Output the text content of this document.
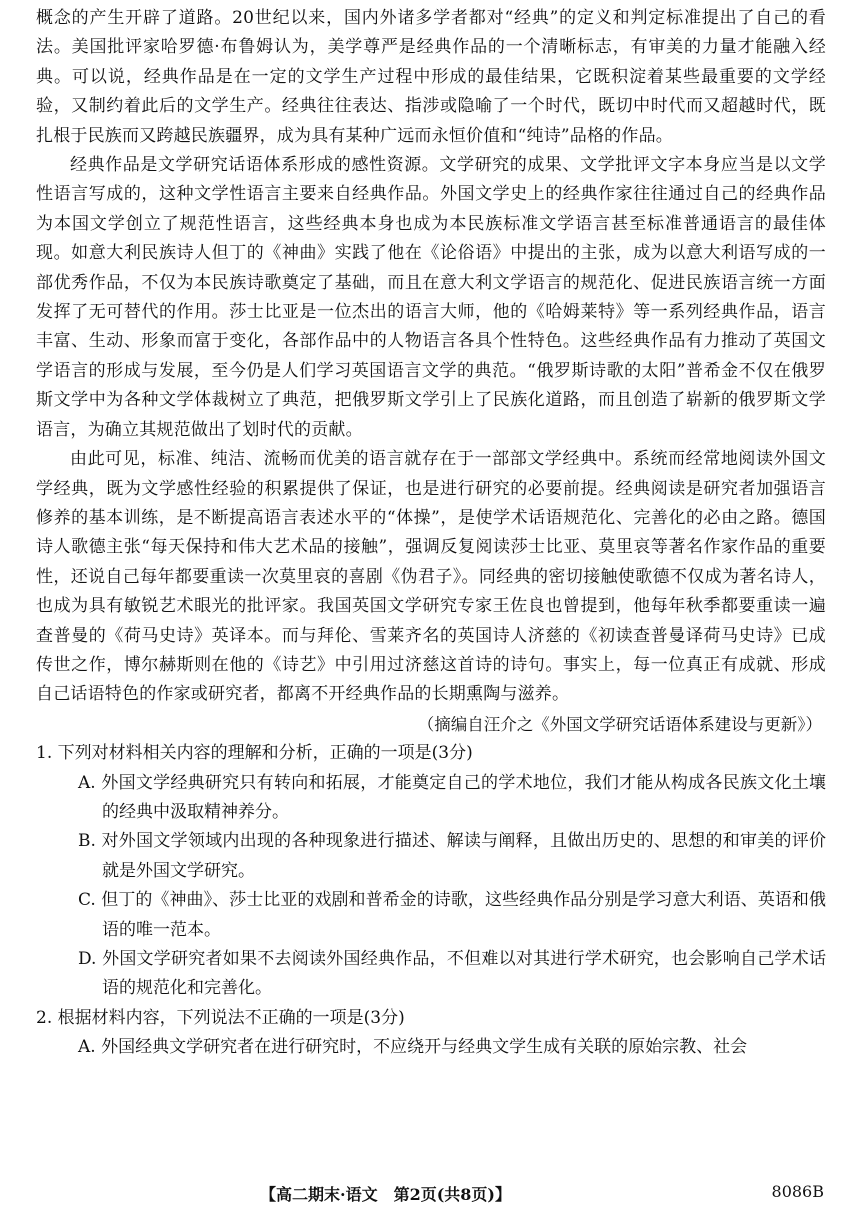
概念的产生开辟了道路。20世纪以来，国内外诸多学者都对“经典”的定义和判定标准提出了自己的看法。美国批评家哈罗德·布鲁姆认为，美学尊严是经典作品的一个清晰标志，有审美的力量才能融入经典。可以说，经典作品是在一定的文学生产过程中形成的最佳结果，它既积淀着某些最重要的文学经验，又制约着此后的文学生产。经典往往表达、指涉或隐喻了一个时代，既切中时代而又超越时代，既扎根于民族而又跨越民族疆界，成为具有某种广远而永恒价值和“纯诗”品格的作品。

经典作品是文学研究话语体系形成的感性资源。文学研究的成果、文学批评文字本身应当是以文学性语言写成的，这种文学性语言主要来自经典作品。外国文学史上的经典作家往往通过自己的经典作品为本国文学创立了规范性语言，这些经典本身也成为本民族标准文学语言甚至标准普通语言的最佳体现。如意大利民族诗人但丁的《神曲》实践了他在《论俗语》中提出的主张，成为以意大利语写成的一部优秀作品，不仅为本民族诗歌奠定了基础，而且在意大利文学语言的规范化、促进民族语言统一方面发挥了无可替代的作用。莎士比亚是一位杰出的语言大师，他的《哈姆莱特》等一系列经典作品，语言丰富、生动、形象而富于变化，各部作品中的人物语言各具个性特色。这些经典作品有力推动了英国文学语言的形成与发展，至今仍是人们学习英国语言文学的典范。“俄罗斯诗歌的太阳”普希金不仅在俄罗斯文学中为各种文学体裁树立了典范，把俄罗斯文学引上了民族化道路，而且创造了崭新的俄罗斯文学语言，为确立其规范做出了划时代的贡献。

由此可见，标准、纯洁、流畅而优美的语言就存在于一部部文学经典中。系统而经常地阅读外国文学经典，既为文学感性经验的积累提供了保证，也是进行研究的必要前提。经典阅读是研究者加强语言修养的基本训练，是不断提高语言表述水平的“体操”，是使学术话语规范化、完善化的必由之路。德国诗人歌德主张“每天保持和伟大艺术品的接触”，强调反复阅读莎士比亚、莫里哀等著名作家作品的重要性，还说自己每年都要重读一次莫里哀的喜剧《伪君子》。同经典的密切接触使歌德不仅成为著名诗人，也成为具有敏锐艺术眼光的批评家。我国英国文学研究专家王佐良也曾提到，他每年秋季都要重读一遍查普曼的《荷马史诗》英译本。而与拜伦、雪莱齐名的英国诗人济慈的《初读查普曼译荷马史诗》已成传世之作，博尔赫斯则在他的《诗艺》中引用过济慈这首诗的诗句。事实上，每一位真正有成就、形成自己话语特色的作家或研究者，都离不开经典作品的长期熏陶与滋养。

（摘编自汪介之《外国文学研究话语体系建设与更新》）

1. 下列对材料相关内容的理解和分析，正确的一项是(3分)

A. 外国文学经典研究只有转向和拓展，才能奠定自己的学术地位，我们才能从构成各民族文化土壤的经典中汲取精神养分。

B. 对外国文学领域内出现的各种现象进行描述、解读与阐释，且做出历史的、思想的和审美的评价就是外国文学研究。

C. 但丁的《神曲》、莎士比亚的戏剧和普希金的诗歌，这些经典作品分别是学习意大利语、英语和俄语的唯一范本。

D. 外国文学研究者如果不去阅读外国经典作品，不但难以对其进行学术研究，也会影响自己学术话语的规范化和完善化。

2. 根据材料内容，下列说法不正确的一项是(3分)

A. 外国经典文学研究者在进行研究时，不应绕开与经典文学生成有关联的原始宗教、社会

【高二期末·语文　第2页(共8页)】	8086B
